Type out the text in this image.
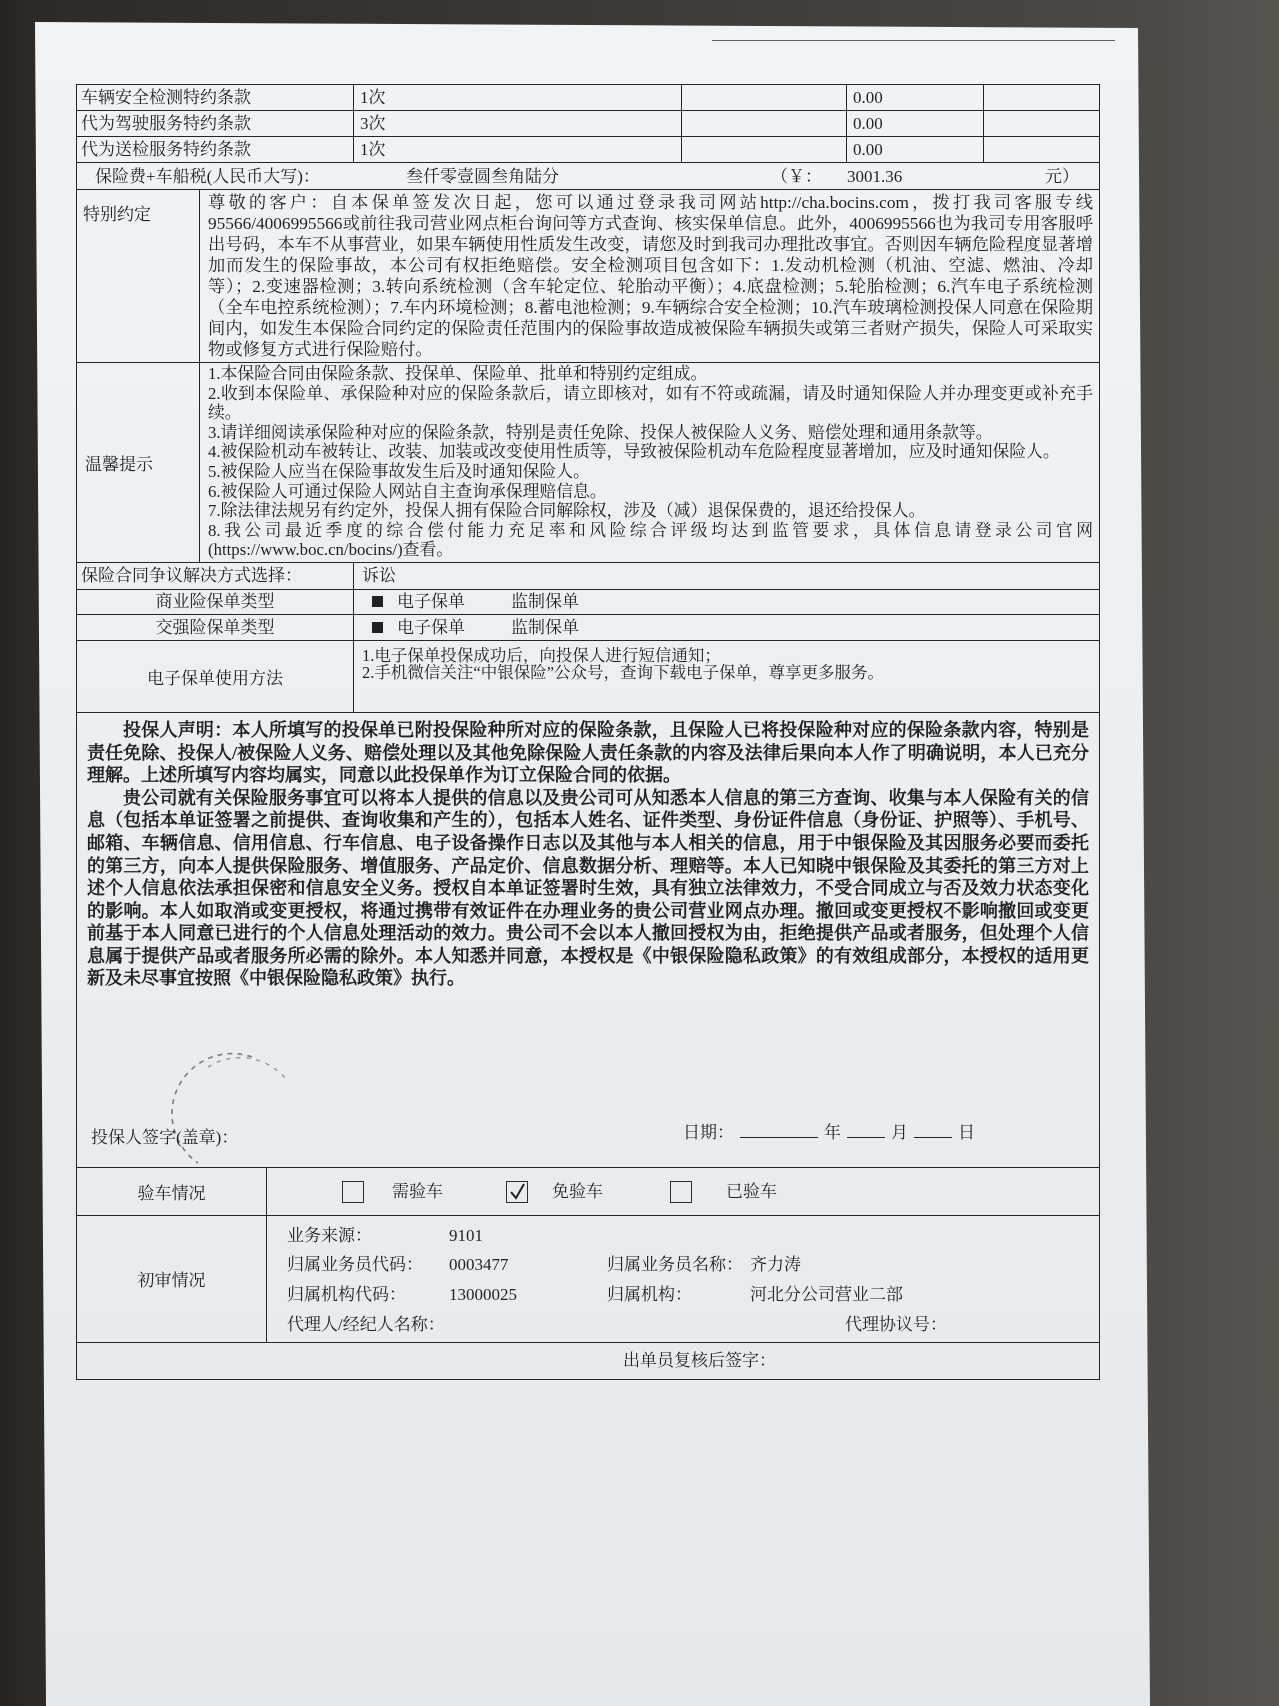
车辆安全检测特约条款	1次	0.00
代为驾驶服务特约条款	3次	0.00
代为送检服务特约条款	1次	0.00
保险费+车船税(人民币大写)：	叁仟零壹圆叁角陆分	（￥： 3001.36	元）
特别约定
尊敬的客户：自本保单签发次日起，您可以通过登录我司网站http://cha.bocins.com，拨打我司客服专线95566/4006995566或前往我司营业网点柜台询问等方式查询、核实保单信息。此外，4006995566也为我司专用客服呼出号码，本车不从事营业，如果车辆使用性质发生改变，请您及时到我司办理批改事宜。否则因车辆危险程度显著增加而发生的保险事故，本公司有权拒绝赔偿。安全检测项目包含如下：1.发动机检测（机油、空滤、燃油、冷却等）；2.变速器检测；3.转向系统检测（含车轮定位、轮胎动平衡）；4.底盘检测；5.轮胎检测；6.汽车电子系统检测（全车电控系统检测）；7.车内环境检测；8.蓄电池检测；9.车辆综合安全检测；10.汽车玻璃检测投保人同意在保险期间内，如发生本保险合同约定的保险责任范围内的保险事故造成被保险车辆损失或第三者财产损失，保险人可采取实物或修复方式进行保险赔付。
温馨提示
1.本保险合同由保险条款、投保单、保险单、批单和特别约定组成。
2.收到本保险单、承保险种对应的保险条款后，请立即核对，如有不符或疏漏，请及时通知保险人并办理变更或补充手续。
3.请详细阅读承保险种对应的保险条款，特别是责任免除、投保人被保险人义务、赔偿处理和通用条款等。
4.被保险机动车被转让、改装、加装或改变使用性质等，导致被保险机动车危险程度显著增加，应及时通知保险人。
5.被保险人应当在保险事故发生后及时通知保险人。
6.被保险人可通过保险人网站自主查询承保理赔信息。
7.除法律法规另有约定外，投保人拥有保险合同解除权，涉及（减）退保保费的，退还给投保人。
8.我公司最近季度的综合偿付能力充足率和风险综合评级均达到监管要求，具体信息请登录公司官网(https://www.boc.cn/bocins/)查看。
保险合同争议解决方式选择：	诉讼
商业险保单类型	电子保单	监制保单
交强险保单类型	电子保单	监制保单
电子保单使用方法
1.电子保单投保成功后，向投保人进行短信通知；
2.手机微信关注“中银保险”公众号，查询下载电子保单，尊享更多服务。

投保人声明：本人所填写的投保单已附投保险种所对应的保险条款，且保险人已将投保险种对应的保险条款内容，特别是责任免除、投保人/被保险人义务、赔偿处理以及其他免除保险人责任条款的内容及法律后果向本人作了明确说明，本人已充分理解。上述所填写内容均属实，同意以此投保单作为订立保险合同的依据。

贵公司就有关保险服务事宜可以将本人提供的信息以及贵公司可从知悉本人信息的第三方查询、收集与本人保险有关的信息（包括本单证签署之前提供、查询收集和产生的），包括本人姓名、证件类型、身份证件信息（身份证、护照等）、手机号、邮箱、车辆信息、信用信息、行车信息、电子设备操作日志以及其他与本人相关的信息，用于中银保险及其因服务必要而委托的第三方，向本人提供保险服务、增值服务、产品定价、信息数据分析、理赔等。本人已知晓中银保险及其委托的第三方对上述个人信息依法承担保密和信息安全义务。授权自本单证签署时生效，具有独立法律效力，不受合同成立与否及效力状态变化的影响。本人如取消或变更授权，将通过携带有效证件在办理业务的贵公司营业网点办理。撤回或变更授权不影响撤回或变更前基于本人同意已进行的个人信息处理活动的效力。贵公司不会以本人撤回授权为由，拒绝提供产品或者服务，但处理个人信息属于提供产品或者服务所必需的除外。本人知悉并同意，本授权是《中银保险隐私政策》的有效组成部分，本授权的适用更新及未尽事宜按照《中银保险隐私政策》执行。

投保人签字(盖章)：	日期：	年	月	日
验车情况	需验车	免验车	已验车
初审情况
业务来源：	9101
归属业务员代码： 0003477	归属业务员名称： 齐力涛
归属机构代码：	13000025	归属机构：	河北分公司营业二部
代理人/经纪人名称：	代理协议号：
出单员复核后签字：
